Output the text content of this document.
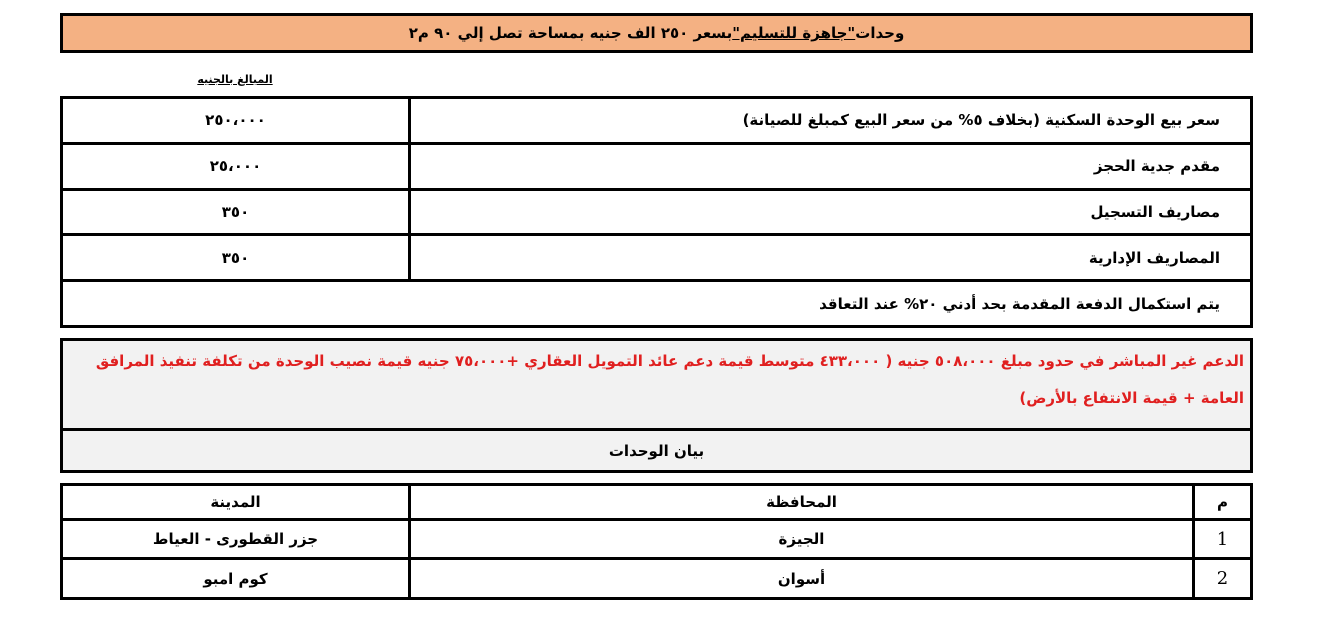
وحدات
"جاهزة للتسليم"
بسعر ٢٥٠ الف جنيه بمساحة تصل إلي ٩٠ م٢
المبالغ بالجنيه
٢٥٠،٠٠٠	سعر بيع الوحدة السكنية (بخلاف ٥% من سعر البيع كمبلغ للصيانة)
٢٥،٠٠٠	مقدم جدية الحجز
٣٥٠	مصاريف التسجيل
٣٥٠	المصاريف الإدارية
يتم استكمال الدفعة المقدمة بحد أدني ٢٠% عند التعاقد	
الدعم غير المباشر في حدود مبلغ ٥٠٨،٠٠٠ جنيه ( ٤٣٣،٠٠٠ متوسط قيمة دعم عائد التمويل العقاري +٧٥،٠٠٠ جنيه قيمة نصيب الوحدة من تكلفة تنفيذ المرافق العامة + قيمة الانتفاع بالأرض)
بيان الوحدات
المدينة	المحافظة	م
جزر القطورى - العياط	الجيزة	1
كوم امبو	أسوان	2
